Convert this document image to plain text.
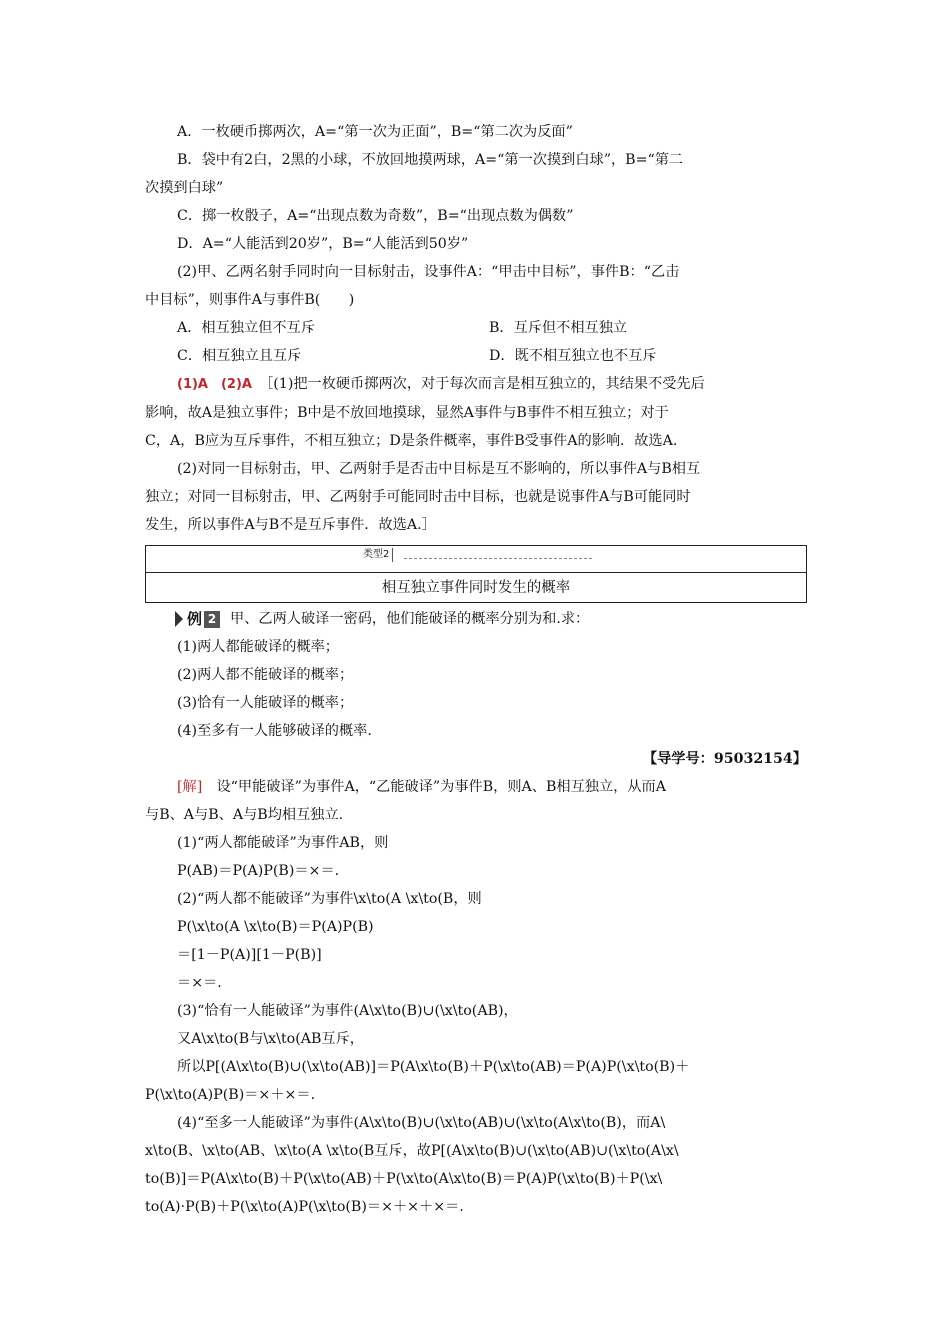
A．一枚硬币掷两次，A=“第一次为正面”，B=“第二次为反面”

B．袋中有2白，2黑的小球，不放回地摸两球，A=“第一次摸到白球”，B=“第二

次摸到白球”

C．掷一枚骰子，A=“出现点数为奇数”，B=“出现点数为偶数”

D．A=“人能活到20岁”，B=“人能活到50岁”

(2)甲、乙两名射手同时向一目标射击，设事件A：“甲击中目标”，事件B：“乙击

中目标”，则事件A与事件B(　　)

A．相互独立但不互斥	B．互斥但不相互独立
C．相互独立且互斥	D．既不相互独立也不互斥

(1)A　(2)A　 ［(1)把一枚硬币掷两次，对于每次而言是相互独立的，其结果不受先后

影响，故A是独立事件；B中是不放回地摸球，显然A事件与B事件不相互独立；对于

C，A，B应为互斥事件，不相互独立；D是条件概率，事件B受事件A的影响．故选A.

(2)对同一目标射击，甲、乙两射手是否击中目标是互不影响的，所以事件A与B相互

独立；对同一目标射击，甲、乙两射手可能同时击中目标，也就是说事件A与B可能同时

发生，所以事件A与B不是互斥事件．故选A.］

类型2
相互独立事件同时发生的概率
例 2 甲、乙两人破译一密码，他们能破译的概率分别为和.求：

(1)两人都能破译的概率；

(2)两人都不能破译的概率；

(3)恰有一人能破译的概率；

(4)至多有一人能够破译的概率.

【导学号：95032154】

[解]　 设“甲能破译”为事件A，“乙能破译”为事件B，则A、B相互独立，从而A

与B、A与B、A与B均相互独立.

(1)“两人都能破译”为事件AB，则

P(AB)＝P(A)P(B)＝×＝.

(2)“两人都不能破译”为事件\x\to(A \x\to(B，则

P(\x\to(A \x\to(B)＝P(A)P(B)

＝[1－P(A)][1－P(B)]

＝×＝.

(3)“恰有一人能破译”为事件(A\x\to(B)∪(\x\to(AB)，

又A\x\to(B与\x\to(AB互斥，

所以P[(A\x\to(B)∪(\x\to(AB)]＝P(A\x\to(B)＋P(\x\to(AB)＝P(A)P(\x\to(B)＋

P(\x\to(A)P(B)＝×＋×＝.

(4)“至多一人能破译”为事件(A\x\to(B)∪(\x\to(AB)∪(\x\to(A\x\to(B)，而A\

x\to(B、\x\to(AB、\x\to(A \x\to(B互斥，故P[(A\x\to(B)∪(\x\to(AB)∪(\x\to(A\x\

to(B)]＝P(A\x\to(B)＋P(\x\to(AB)＋P(\x\to(A\x\to(B)＝P(A)P(\x\to(B)＋P(\x\

to(A)·P(B)＋P(\x\to(A)P(\x\to(B)＝×＋×＋×＝.
